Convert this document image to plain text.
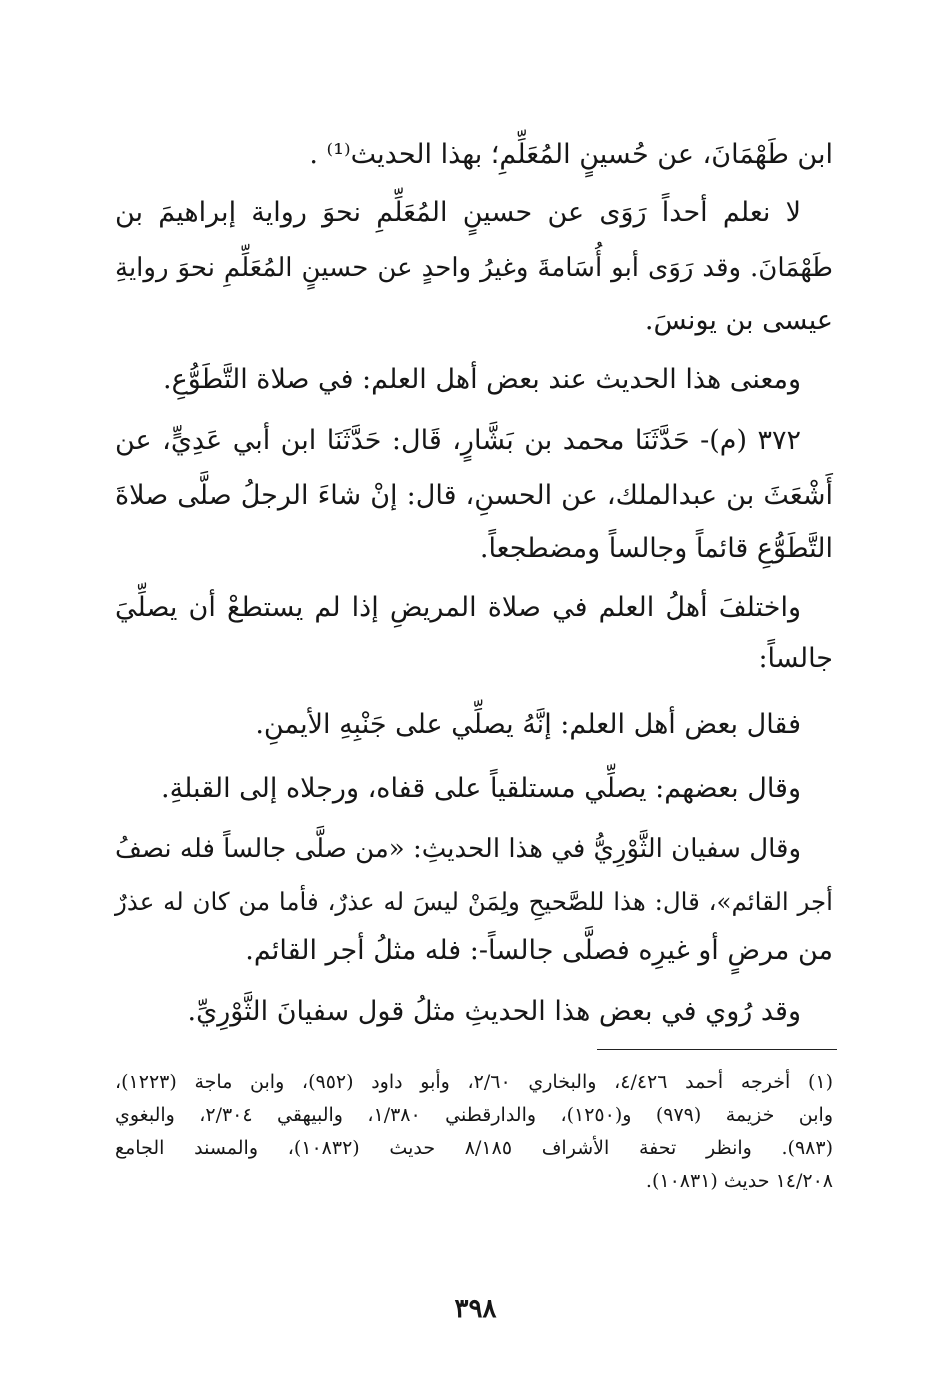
ابن طَهْمَانَ، عن حُسينٍ المُعَلِّمِ؛ بهذا الحديث⁽¹⁾ .
لا نعلم أحداً رَوَى عن حسينٍ المُعَلِّمِ نحوَ رواية إبراهيمَ بن
طَهْمَانَ. وقد رَوَى أبو أُسَامةَ وغيرُ واحدٍ عن حسينٍ المُعَلِّمِ نحوَ روايةِ
عيسى بن يونسَ.
ومعنى هذا الحديث عند بعض أهل العلم: في صلاة التَّطَوُّعِ.
٣٧٢ (م)- حَدَّثَنَا محمد بن بَشَّارٍ، قَال: حَدَّثَنَا ابن أبي عَدِيٍّ، عن
أَشْعَثَ بن عبدالملك، عن الحسنِ، قال: إنْ شاءَ الرجلُ صلَّى صلاةَ
التَّطَوُّعِ قائماً وجالساً ومضطجعاً.
واختلفَ أهلُ العلم في صلاة المريضِ إذا لم يستطعْ أن يصلِّيَ
جالساً:
فقال بعض أهل العلم: إنَّهُ يصلِّي على جَنْبِهِ الأيمنِ.
وقال بعضهم: يصلِّي مستلقياً على قفاه، ورجلاه إلى القبلةِ.
وقال سفيان الثَّوْرِيُّ في هذا الحديثِ: «من صلَّى جالساً فله نصفُ
أجر القائم»، قال: هذا للصَّحيحِ ولِمَنْ ليسَ له عذرٌ، فأما من كان له عذرٌ
من مرضٍ أو غيرِه فصلَّى جالساً-: فله مثلُ أجر القائم.
وقد رُوي في بعض هذا الحديثِ مثلُ قول سفيانَ الثَّوْرِيِّ.
(١) أخرجه أحمد ٤/٤٢٦، والبخاري ٢/٦٠، وأبو داود (٩٥٢)، وابن ماجة (١٢٢٣)،
وابن خزيمة (٩٧٩) و(١٢٥٠)، والدارقطني ١/٣٨٠، والبيهقي ٢/٣٠٤، والبغوي
(٩٨٣). وانظر تحفة الأشراف ٨/١٨٥ حديث (١٠٨٣٢)، والمسند الجامع
١٤/٢٠٨ حديث (١٠٨٣١).
٣٩٨
